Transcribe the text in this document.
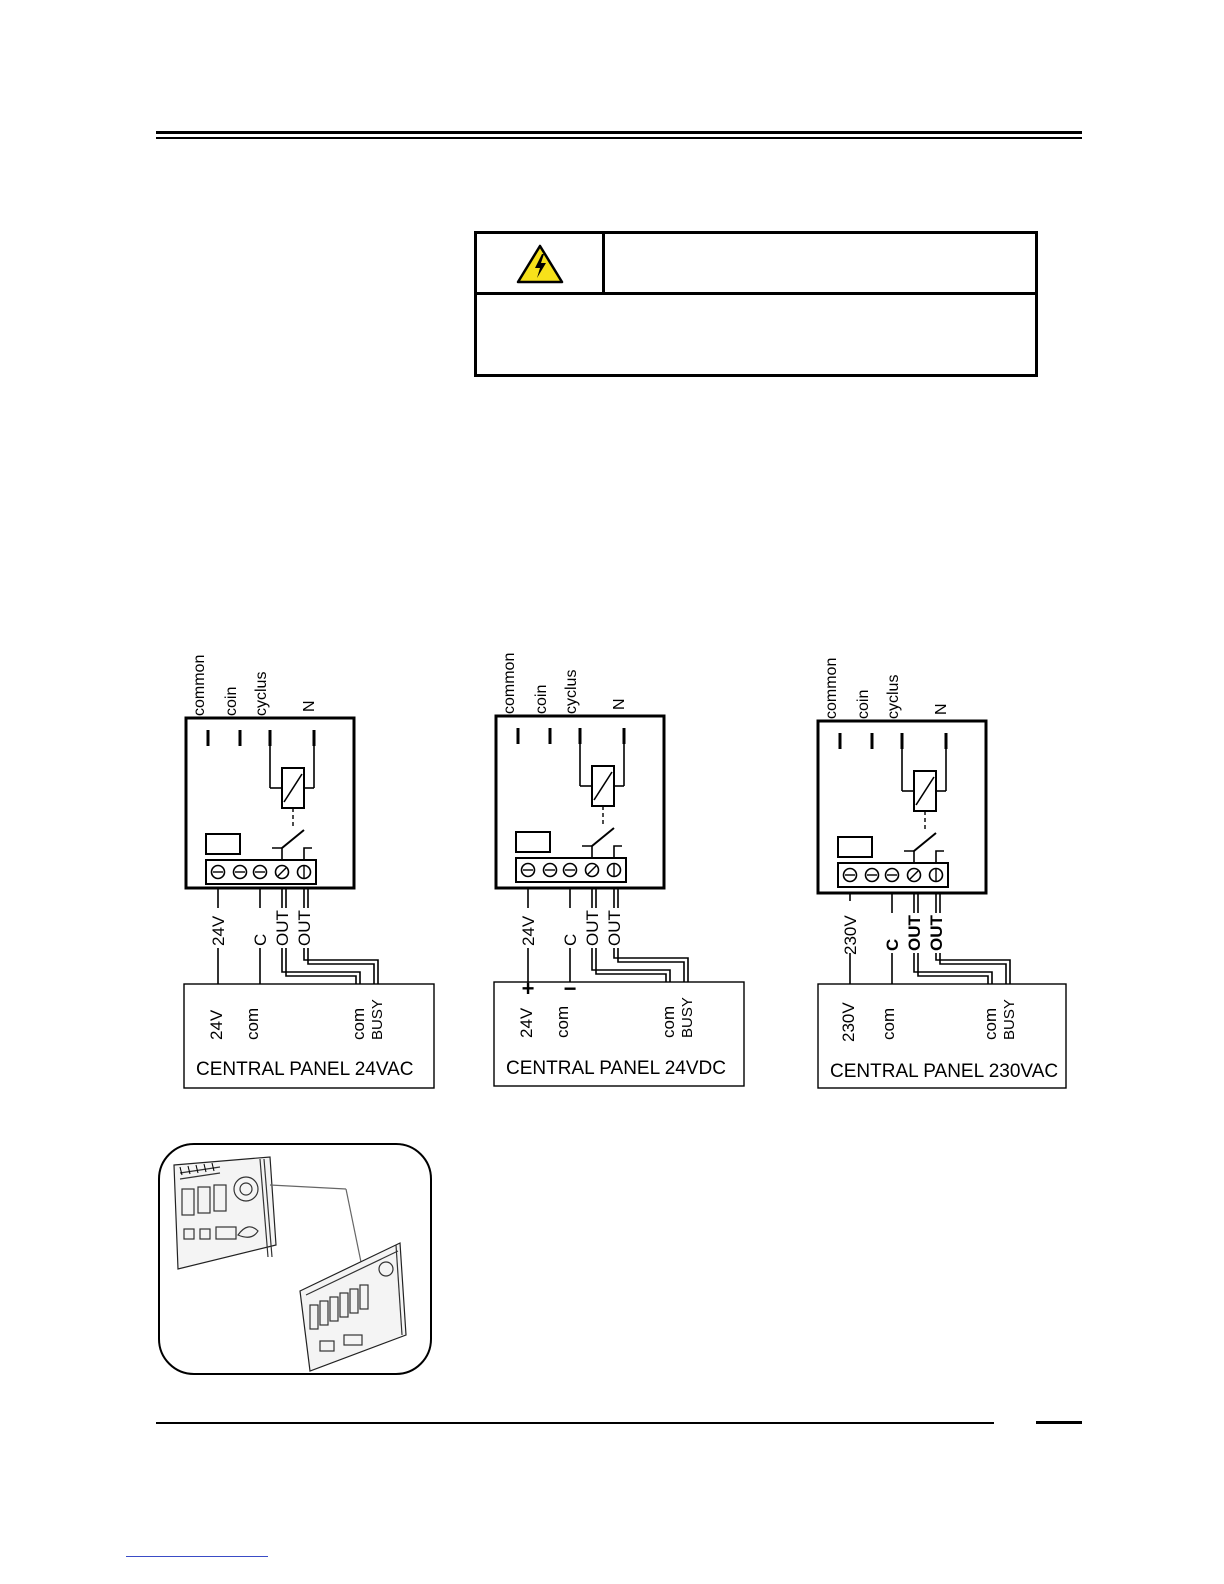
common coin cyclus N
24V C OUT OUT
24V com	com BUSY
CENTRAL PANEL 24VAC
common coin cyclus N
24V C OUT OUT
+ −
24V com	com BUSY
CENTRAL PANEL 24VDC
common coin cyclus N
230V C OUT OUT
230V com	com BUSY
CENTRAL PANEL 230VAC
